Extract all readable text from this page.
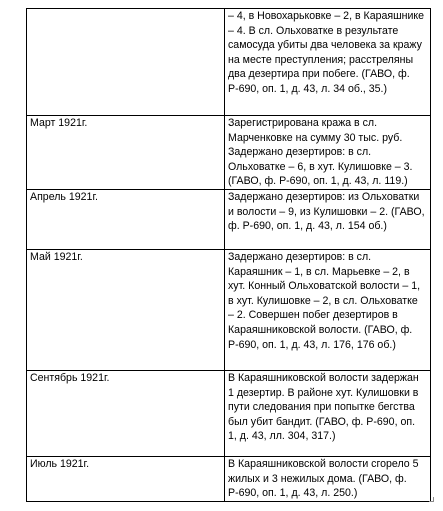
	– 4, в Новохарьковке – 2, в Караяшнике – 4. В сл. Ольховатке в результате самосуда убиты два человека за кражу на месте преступления; расстреляны два дезертира при побеге. (ГАВО, ф. Р-690, оп. 1, д. 43, л. 34 об., 35.)
Март 1921г.	Зарегистрирована кража в сл. Марченковке на сумму 30 тыс. руб. Задержано дезертиров: в сл. Ольховатке – 6, в хут. Кулишовке – 3. (ГАВО, ф. Р-690, оп. 1, д. 43, л. 119.)
Апрель 1921г.	Задержано дезертиров: из Ольховатки и волости – 9, из Кулишовки – 2. (ГАВО, ф. Р-690, оп. 1, д. 43, л. 154 об.)
Май 1921г.	Задержано дезертиров: в сл. Караяшник – 1, в сл. Марьевке – 2, в хут. Конный Ольховатской волости – 1, в хут. Кулишовке – 2, в сл. Ольховатке – 2. Совершен побег дезертиров в Караяшниковской волости. (ГАВО, ф. Р-690, оп. 1, д. 43, л. 176, 176 об.)
Сентябрь 1921г.	В Караяшниковской волости задержан 1 дезертир. В районе хут. Кулишовки в пути следования при попытке бегства был убит бандит. (ГАВО, ф. Р-690, оп. 1, д. 43, лл. 304, 317.)
Июль 1921г.	В Караяшниковской волости сгорело 5 жилых и 3 нежилых дома. (ГАВО, ф. Р-690, оп. 1, д. 43, л. 250.)
